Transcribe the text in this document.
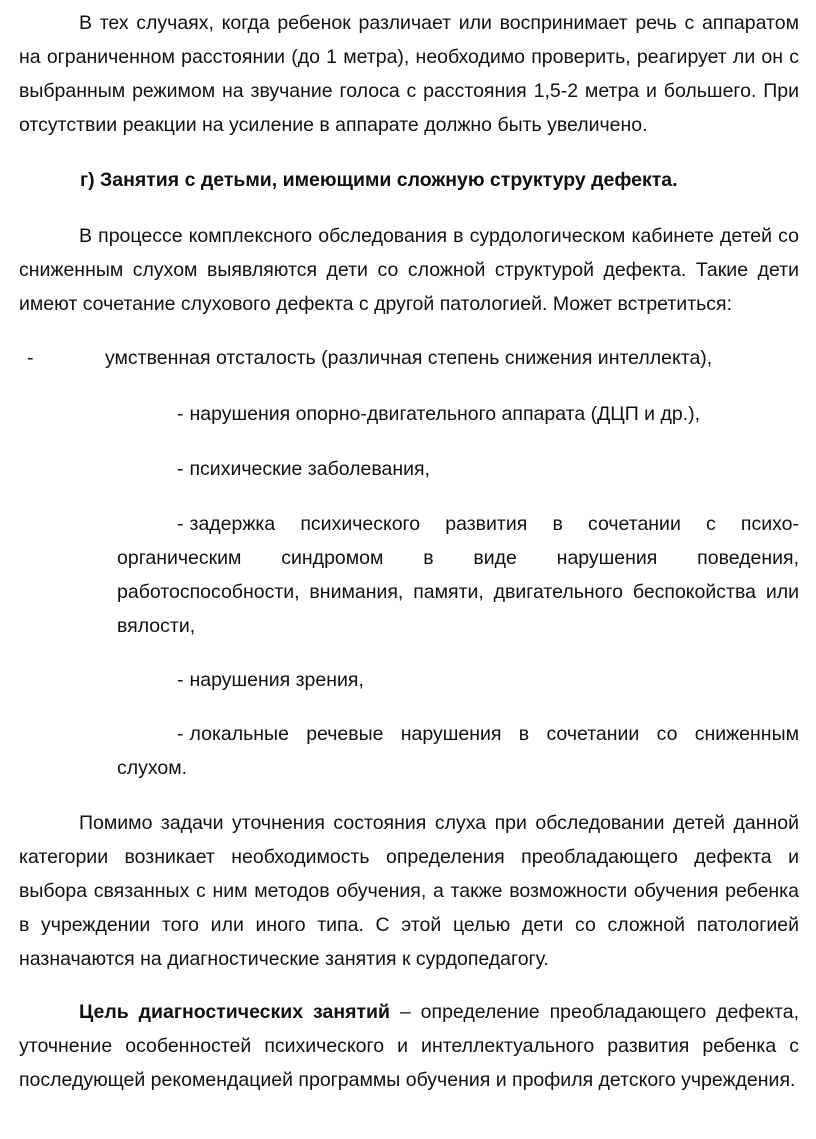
В тех случаях, когда ребенок различает или воспринимает речь с аппаратом на ограниченном расстоянии (до 1 метра), необходимо проверить, реагирует ли он с выбранным режимом на звучание голоса с расстояния 1,5-2 метра и большего. При отсутствии реакции на усиление в аппарате должно быть увеличено.

г) Занятия с детьми, имеющими сложную структуру дефекта.

В процессе комплексного обследования в сурдологическом кабинете детей со сниженным слухом выявляются дети со сложной структурой дефекта. Такие дети имеют сочетание слухового дефекта с другой патологией. Может встретиться:

-	умственная отсталость (различная степень снижения интеллекта),

- нарушения опорно-двигательного аппарата (ДЦП и др.),

- психические заболевания,

- задержка психического развития в сочетании с психо-органическим синдромом в виде нарушения поведения, работоспособности, внимания, памяти, двигательного беспокойства или вялости,

- нарушения зрения,

- локальные речевые нарушения в сочетании со сниженным слухом.

Помимо задачи уточнения состояния слуха при обследовании детей данной категории возникает необходимость определения преобладающего дефекта и выбора связанных с ним методов обучения, а также возможности обучения ребенка в учреждении того или иного типа. С этой целью дети со сложной патологией назначаются на диагностические занятия к сурдопедагогу.

Цель диагностических занятий – определение преобладающего дефекта, уточнение особенностей психического и интеллектуального развития ребенка с последующей рекомендацией программы обучения и профиля детского учреждения.
